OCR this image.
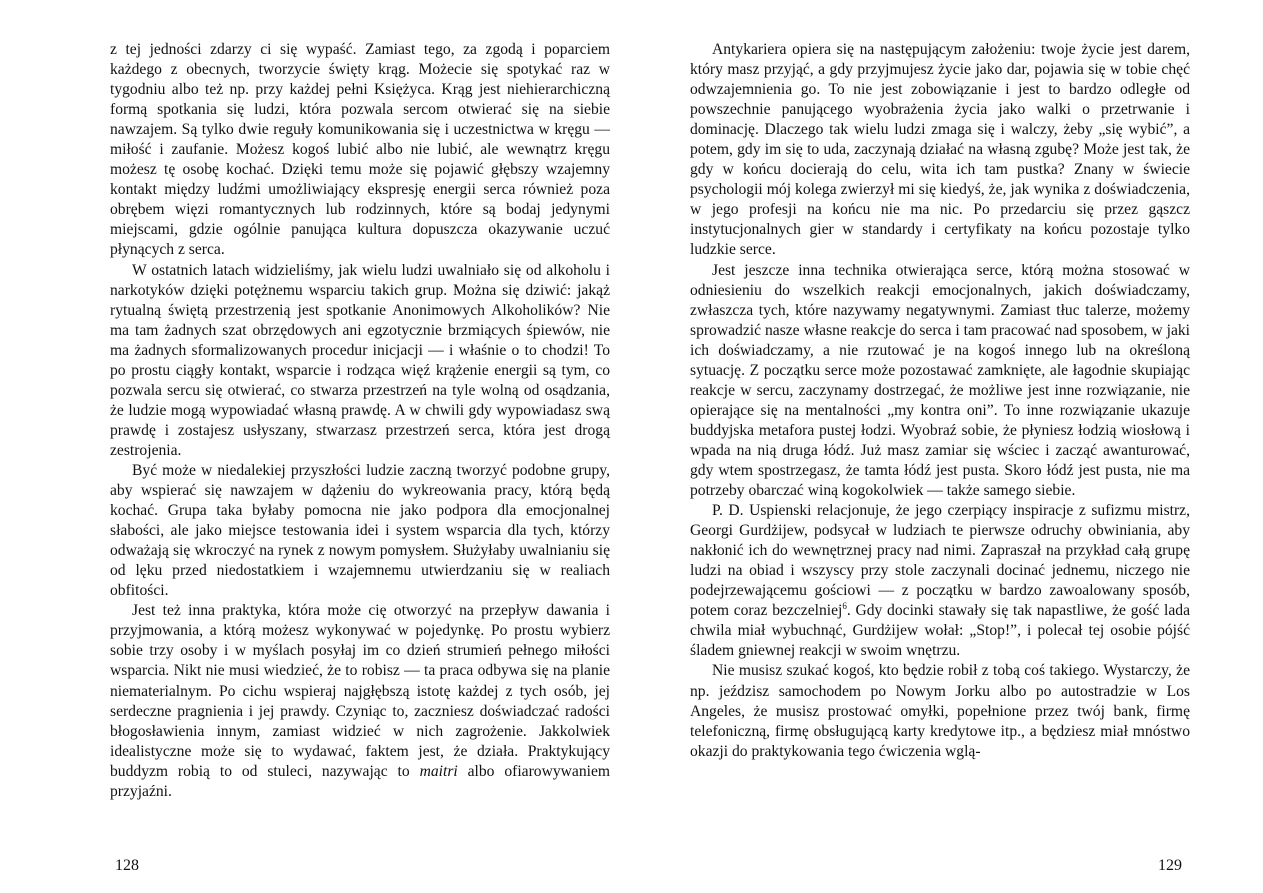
z tej jedności zdarzy ci się wypaść. Zamiast tego, za zgodą i poparciem każdego z obecnych, tworzycie święty krąg. Możecie się spotykać raz w tygodniu albo też np. przy każdej pełni Księżyca. Krąg jest niehierarchiczną formą spotkania się ludzi, która pozwala sercom otwierać się na siebie nawzajem. Są tylko dwie reguły komunikowania się i uczestnictwa w kręgu — miłość i zaufanie. Możesz kogoś lubić albo nie lubić, ale wewnątrz kręgu możesz tę osobę kochać. Dzięki temu może się pojawić głębszy wzajemny kontakt między ludźmi umożliwiający ekspresję energii serca również poza obrębem więzi romantycznych lub rodzinnych, które są bodaj jedynymi miejscami, gdzie ogólnie panująca kultura dopuszcza okazywanie uczuć płynących z serca.

W ostatnich latach widzieliśmy, jak wielu ludzi uwalniało się od alkoholu i narkotyków dzięki potężnemu wsparciu takich grup. Można się dziwić: jakąż rytualną świętą przestrzenią jest spotkanie Anonimowych Alkoholików? Nie ma tam żadnych szat obrzędowych ani egzotycznie brzmiących śpiewów, nie ma żadnych sformalizowanych procedur inicjacji — i właśnie o to chodzi! To po prostu ciągły kontakt, wsparcie i rodząca więź krążenie energii są tym, co pozwala sercu się otwierać, co stwarza przestrzeń na tyle wolną od osądzania, że ludzie mogą wypowiadać własną prawdę. A w chwili gdy wypowiadasz swą prawdę i zostajesz usłyszany, stwarzasz przestrzeń serca, która jest drogą zestrojenia.

Być może w niedalekiej przyszłości ludzie zaczną tworzyć podobne grupy, aby wspierać się nawzajem w dążeniu do wykreowania pracy, którą będą kochać. Grupa taka byłaby pomocna nie jako podpora dla emocjonalnej słabości, ale jako miejsce testowania idei i system wsparcia dla tych, którzy odważają się wkroczyć na rynek z nowym pomysłem. Służyłaby uwalnianiu się od lęku przed niedostatkiem i wzajemnemu utwierdzaniu się w realiach obfitości.

Jest też inna praktyka, która może cię otworzyć na przepływ dawania i przyjmowania, a którą możesz wykonywać w pojedynkę. Po prostu wybierz sobie trzy osoby i w myślach posyłaj im co dzień strumień pełnego miłości wsparcia. Nikt nie musi wiedzieć, że to robisz — ta praca odbywa się na planie niematerialnym. Po cichu wspieraj najgłębszą istotę każdej z tych osób, jej serdeczne pragnienia i jej prawdy. Czyniąc to, zaczniesz doświadczać radości błogosławienia innym, zamiast widzieć w nich zagrożenie. Jakkolwiek idealistyczne może się to wydawać, faktem jest, że działa. Praktykujący buddyzm robią to od stuleci, nazywając to maitri albo ofiarowywaniem przyjaźni.

128

Antykariera opiera się na następującym założeniu: twoje życie jest darem, który masz przyjąć, a gdy przyjmujesz życie jako dar, pojawia się w tobie chęć odwzajemnienia go. To nie jest zobowiązanie i jest to bardzo odległe od powszechnie panującego wyobrażenia życia jako walki o przetrwanie i dominację. Dlaczego tak wielu ludzi zmaga się i walczy, żeby „się wybić”, a potem, gdy im się to uda, zaczynają działać na własną zgubę? Może jest tak, że gdy w końcu docierają do celu, wita ich tam pustka? Znany w świecie psychologii mój kolega zwierzył mi się kiedyś, że, jak wynika z doświadczenia, w jego profesji na końcu nie ma nic. Po przedarciu się przez gąszcz instytucjonalnych gier w standardy i certyfikaty na końcu pozostaje tylko ludzkie serce.

Jest jeszcze inna technika otwierająca serce, którą można stosować w odniesieniu do wszelkich reakcji emocjonalnych, jakich doświadczamy, zwłaszcza tych, które nazywamy negatywnymi. Zamiast tłuc talerze, możemy sprowadzić nasze własne reakcje do serca i tam pracować nad sposobem, w jaki ich doświadczamy, a nie rzutować je na kogoś innego lub na określoną sytuację. Z początku serce może pozostawać zamknięte, ale łagodnie skupiając reakcje w sercu, zaczynamy dostrzegać, że możliwe jest inne rozwiązanie, nie opierające się na mentalności „my kontra oni”. To inne rozwiązanie ukazuje buddyjska metafora pustej łodzi. Wyobraź sobie, że płyniesz łodzią wiosłową i wpada na nią druga łódź. Już masz zamiar się wściec i zacząć awanturować, gdy wtem spostrzegasz, że tamta łódź jest pusta. Skoro łódź jest pusta, nie ma potrzeby obarczać winą kogokolwiek — także samego siebie.

P. D. Uspienski relacjonuje, że jego czerpiący inspiracje z sufizmu mistrz, Georgi Gurdżijew, podsycał w ludziach te pierwsze odruchy obwiniania, aby nakłonić ich do wewnętrznej pracy nad nimi. Zapraszał na przykład całą grupę ludzi na obiad i wszyscy przy stole zaczynali docinać jednemu, niczego nie podejrzewającemu gościowi — z początku w bardzo zawoalowany sposób, potem coraz bezczelniej$^6$. Gdy docinki stawały się tak napastliwe, że gość lada chwila miał wybuchnąć, Gurdżijew wołał: „Stop!”, i polecał tej osobie pójść śladem gniewnej reakcji w swoim wnętrzu.

Nie musisz szukać kogoś, kto będzie robił z tobą coś takiego. Wystarczy, że np. jeździsz samochodem po Nowym Jorku albo po autostradzie w Los Angeles, że musisz prostować omyłki, popełnione przez twój bank, firmę telefoniczną, firmę obsługującą karty kredytowe itp., a będziesz miał mnóstwo okazji do praktykowania tego ćwiczenia wglą-

129
